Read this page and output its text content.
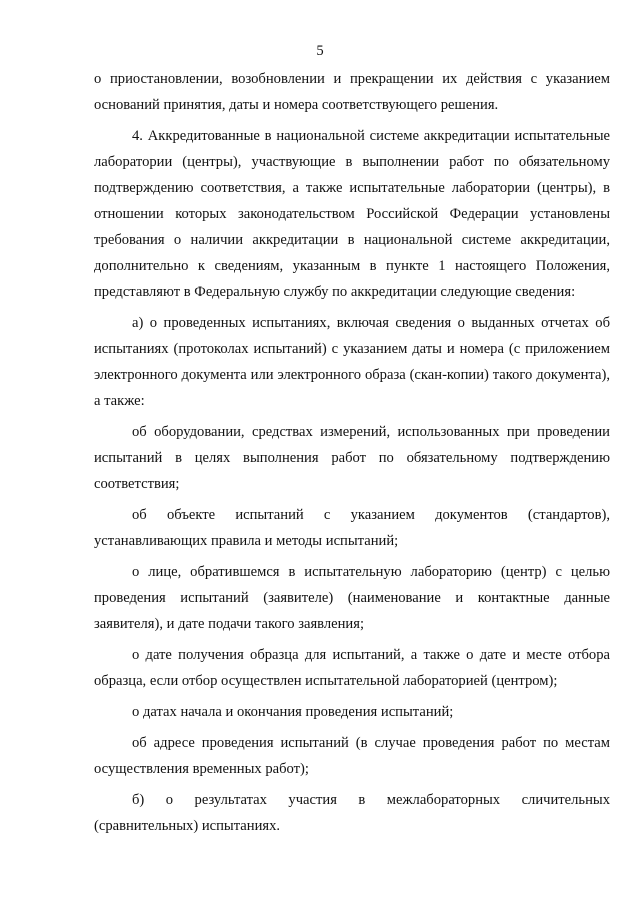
5

о приостановлении, возобновлении и прекращении их действия с указанием оснований принятия, даты и номера соответствующего решения.

4. Аккредитованные в национальной системе аккредитации испытательные лаборатории (центры), участвующие в выполнении работ по обязательному подтверждению соответствия, а также испытательные лаборатории (центры), в отношении которых законодательством Российской Федерации установлены требования о наличии аккредитации в национальной системе аккредитации, дополнительно к сведениям, указанным в пункте 1 настоящего Положения, представляют в Федеральную службу по аккредитации следующие сведения:

а) о проведенных испытаниях, включая сведения о выданных отчетах об испытаниях (протоколах испытаний) с указанием даты и номера (с приложением электронного документа или электронного образа (скан-копии) такого документа), а также:

об оборудовании, средствах измерений, использованных при проведении испытаний в целях выполнения работ по обязательному подтверждению соответствия;

об объекте испытаний с указанием документов (стандартов), устанавливающих правила и методы испытаний;

о лице, обратившемся в испытательную лабораторию (центр) с целью проведения испытаний (заявителе) (наименование и контактные данные заявителя), и дате подачи такого заявления;

о дате получения образца для испытаний, а также о дате и месте отбора образца, если отбор осуществлен испытательной лабораторией (центром);

о датах начала и окончания проведения испытаний;

об адресе проведения испытаний (в случае проведения работ по местам осуществления временных работ);

б) о результатах участия в межлабораторных сличительных (сравнительных) испытаниях.
